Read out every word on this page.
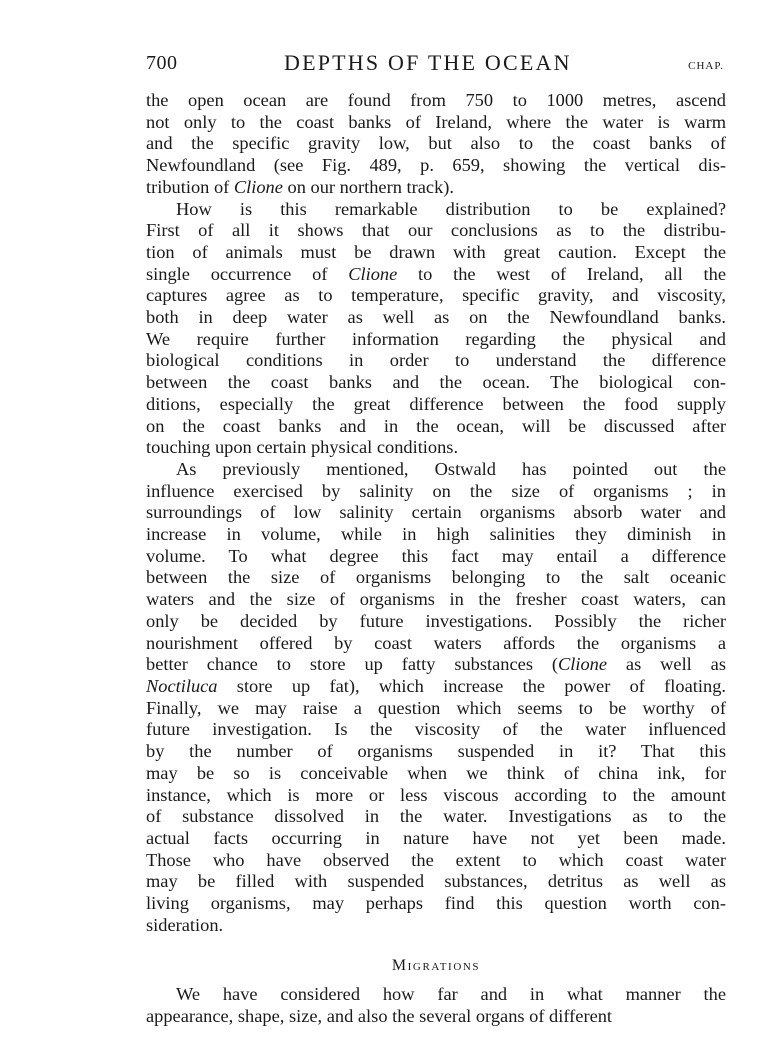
700	DEPTHS OF THE OCEAN	CHAP.
the open ocean are found from 750 to 1000 metres, ascend
not only to the coast banks of Ireland, where the water is warm
and the specific gravity low, but also to the coast banks of
Newfoundland (see Fig. 489, p. 659, showing the vertical dis-
tribution of Clione on our northern track).
How is this remarkable distribution to be explained?
First of all it shows that our conclusions as to the distribu-
tion of animals must be drawn with great caution. Except the
single occurrence of Clione to the west of Ireland, all the
captures agree as to temperature, specific gravity, and viscosity,
both in deep water as well as on the Newfoundland banks.
We require further information regarding the physical and
biological conditions in order to understand the difference
between the coast banks and the ocean. The biological con-
ditions, especially the great difference between the food supply
on the coast banks and in the ocean, will be discussed after
touching upon certain physical conditions.
As previously mentioned, Ostwald has pointed out the
influence exercised by salinity on the size of organisms ; in
surroundings of low salinity certain organisms absorb water and
increase in volume, while in high salinities they diminish in
volume. To what degree this fact may entail a difference
between the size of organisms belonging to the salt oceanic
waters and the size of organisms in the fresher coast waters, can
only be decided by future investigations. Possibly the richer
nourishment offered by coast waters affords the organisms a
better chance to store up fatty substances (Clione as well as
Noctiluca store up fat), which increase the power of floating.
Finally, we may raise a question which seems to be worthy of
future investigation. Is the viscosity of the water influenced
by the number of organisms suspended in it? That this
may be so is conceivable when we think of china ink, for
instance, which is more or less viscous according to the amount
of substance dissolved in the water. Investigations as to the
actual facts occurring in nature have not yet been made.
Those who have observed the extent to which coast water
may be filled with suspended substances, detritus as well as
living organisms, may perhaps find this question worth con-
sideration.
Migrations
We have considered how far and in what manner the
appearance, shape, size, and also the several organs of different
